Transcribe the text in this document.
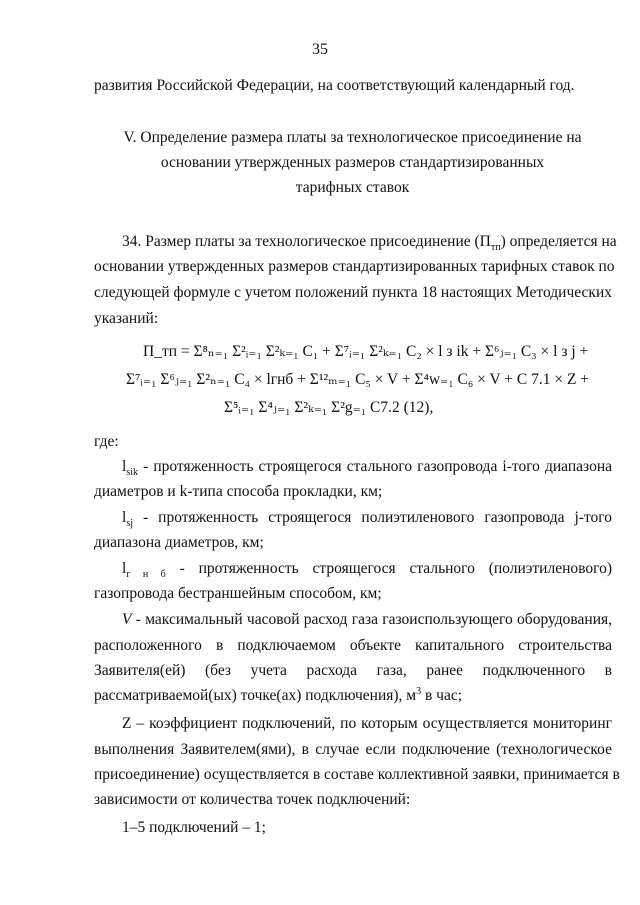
35
развития Российской Федерации, на соответствующий календарный год.
V. Определение размера платы за технологическое присоединение на
основании утвержденных размеров стандартизированных
тарифных ставок
34. Размер платы за технологическое присоединение $(П_{тп})$ определяется на
основании утвержденных размеров стандартизированных тарифных ставок по
следующей формуле с учетом положений пункта 18 настоящих Методических
указаний:
П_тп = Σ⁸ₙ₌₁ Σ²ᵢ₌₁ Σ²ₖ₌₁ C₁ + Σ⁷ᵢ₌₁ Σ²ₖ₌₁ C₂ × l з ik + Σ⁶ⱼ₌₁ C₃ × l з j +
Σ⁷ᵢ₌₁ Σ⁶ⱼ₌₁ Σ²ₙ₌₁ C₄ × lгнб + Σ¹²ₘ₌₁ C₅ × V + Σ⁴w₌₁ C₆ × V + C 7.1 × Z +
Σ⁵ᵢ₌₁ Σ⁴ⱼ₌₁ Σ²ₖ₌₁ Σ²g₌₁ C7.2 (12),
где:
$l_{sik}$ - протяженность строящегося стального газопровода i-того диапазона
диаметров и k-типа способа прокладки, км;
$l_{sj}$ - протяженность строящегося полиэтиленового газопровода j-того
диапазона диаметров, км;
$l_{г н б}$ - протяженность строящегося стального (полиэтиленового)
газопровода бестраншейным способом, км;
V - максимальный часовой расход газа газоиспользующего оборудования,
расположенного в подключаемом объекте капитального строительства
Заявителя(ей) (без учета расхода газа, ранее подключенного в
рассматриваемой(ых) точке(ах) подключения), $м^3$ в час;
Z – коэффициент подключений, по которым осуществляется мониторинг
выполнения Заявителем(ями), в случае если подключение (технологическое
присоединение) осуществляется в составе коллективной заявки, принимается в
зависимости от количества точек подключений:
1–5 подключений – 1;
